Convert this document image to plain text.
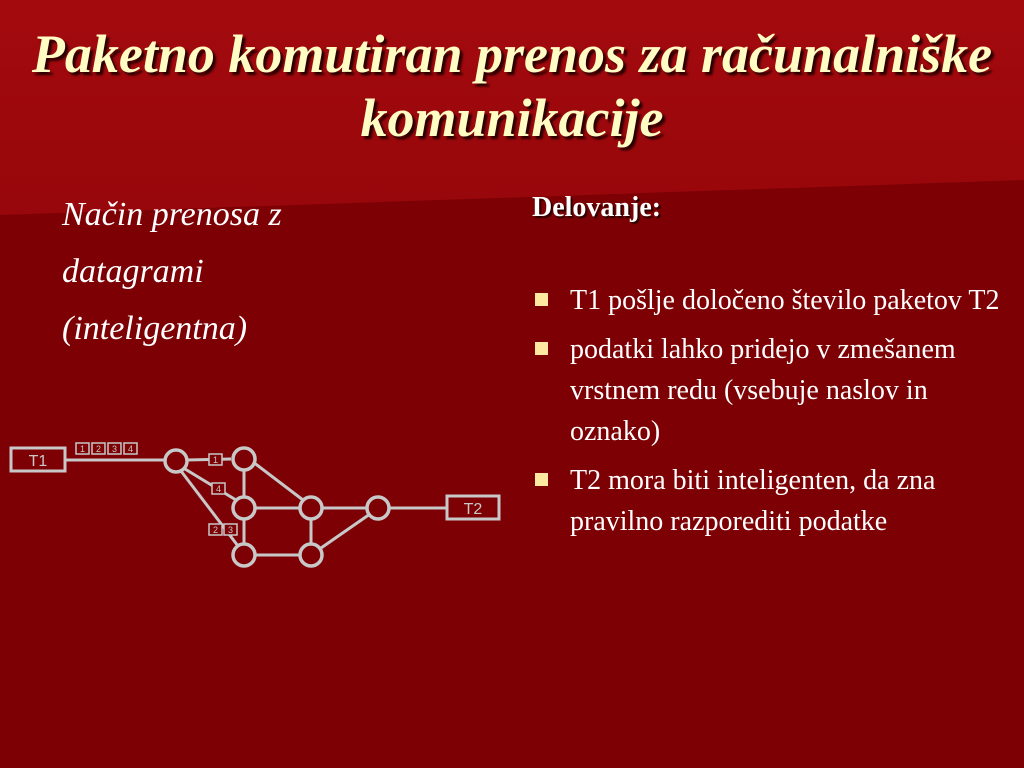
Paketno komutiran prenos za računalniške komunikacije
Način prenosa z
datagrami
(inteligentna)
Delovanje:
T1 pošlje določeno število paketov T2
podatki lahko pridejo v zmešanem vrstnem redu (vsebuje naslov in oznako)
T2 mora biti inteligenten, da zna pravilno razporediti podatke
T1
T2
1 2 3 4
1
4
2 3
